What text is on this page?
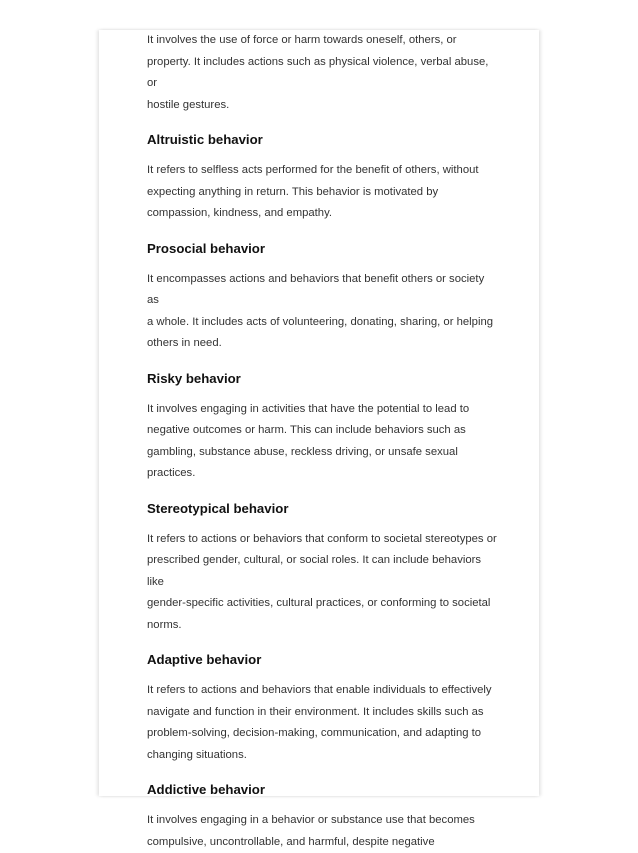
It involves the use of force or harm towards oneself, others, or

property. It includes actions such as physical violence, verbal abuse, or

hostile gestures.

Altruistic behavior

It refers to selfless acts performed for the benefit of others, without

expecting anything in return. This behavior is motivated by

compassion, kindness, and empathy.

Prosocial behavior

It encompasses actions and behaviors that benefit others or society as

a whole. It includes acts of volunteering, donating, sharing, or helping

others in need.

Risky behavior

It involves engaging in activities that have the potential to lead to

negative outcomes or harm. This can include behaviors such as

gambling, substance abuse, reckless driving, or unsafe sexual

practices.

Stereotypical behavior

It refers to actions or behaviors that conform to societal stereotypes or

prescribed gender, cultural, or social roles. It can include behaviors like

gender-specific activities, cultural practices, or conforming to societal

norms.

Adaptive behavior

It refers to actions and behaviors that enable individuals to effectively

navigate and function in their environment. It includes skills such as

problem-solving, decision-making, communication, and adapting to

changing situations.

Addictive behavior

It involves engaging in a behavior or substance use that becomes

compulsive, uncontrollable, and harmful, despite negative
